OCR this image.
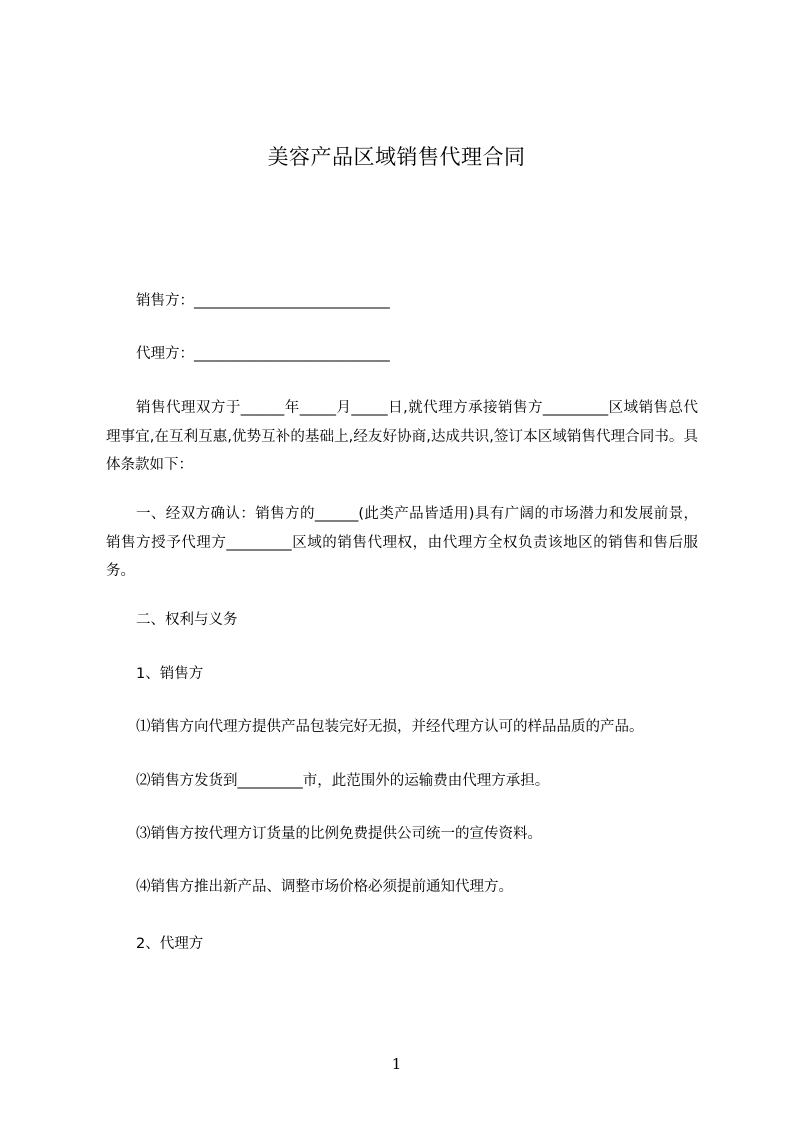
美容产品区域销售代理合同
销售方：___________________________
代理方：___________________________
销售代理双方于______年_____月_____日,就代理方承接销售方_________区域销售总代理事宜,在互利互惠,优势互补的基础上,经友好协商,达成共识,签订本区域销售代理合同书。具体条款如下：
一、经双方确认：销售方的______(此类产品皆适用)具有广阔的市场潜力和发展前景，销售方授予代理方_________区域的销售代理权，由代理方全权负责该地区的销售和售后服务。
二、权利与义务
1、销售方
⑴销售方向代理方提供产品包装完好无损，并经代理方认可的样品品质的产品。
⑵销售方发货到_________市，此范围外的运输费由代理方承担。
⑶销售方按代理方订货量的比例免费提供公司统一的宣传资料。
⑷销售方推出新产品、调整市场价格必须提前通知代理方。
2、代理方
1
